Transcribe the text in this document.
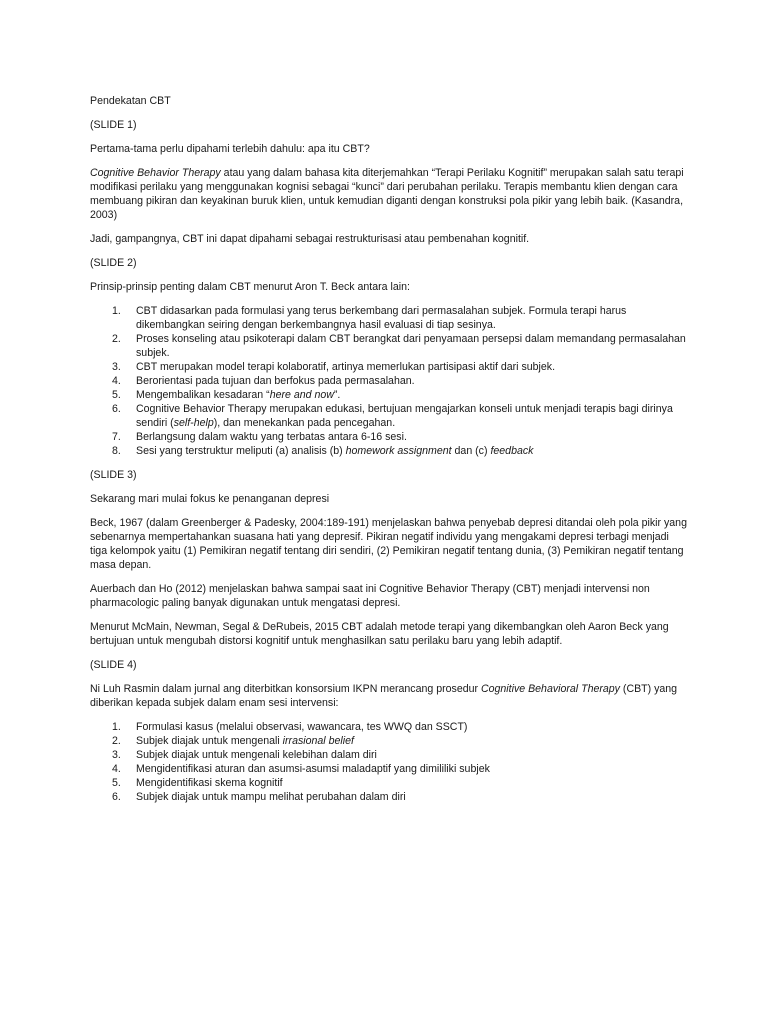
Pendekatan CBT

(SLIDE 1)

Pertama-tama perlu dipahami terlebih dahulu: apa itu CBT?

Cognitive Behavior Therapy atau yang dalam bahasa kita diterjemahkan “Terapi Perilaku Kognitif” merupakan salah satu terapi modifikasi perilaku yang menggunakan kognisi sebagai “kunci” dari perubahan perilaku. Terapis membantu klien dengan cara membuang pikiran dan keyakinan buruk klien, untuk kemudian diganti dengan konstruksi pola pikir yang lebih baik. (Kasandra, 2003)

Jadi, gampangnya, CBT ini dapat dipahami sebagai restrukturisasi atau pembenahan kognitif.

(SLIDE 2)

Prinsip-prinsip penting dalam CBT menurut Aron T. Beck antara lain:

1. CBT didasarkan pada formulasi yang terus berkembang dari permasalahan subjek. Formula terapi harus dikembangkan seiring dengan berkembangnya hasil evaluasi di tiap sesinya.
2. Proses konseling atau psikoterapi dalam CBT berangkat dari penyamaan persepsi dalam memandang permasalahan subjek.
3. CBT merupakan model terapi kolaboratif, artinya memerlukan partisipasi aktif dari subjek.
4. Berorientasi pada tujuan dan berfokus pada permasalahan.
5. Mengembalikan kesadaran “here and now”.
6. Cognitive Behavior Therapy merupakan edukasi, bertujuan mengajarkan konseli untuk menjadi terapis bagi dirinya sendiri (self-help), dan menekankan pada pencegahan.
7. Berlangsung dalam waktu yang terbatas antara 6-16 sesi.
8. Sesi yang terstruktur meliputi (a) analisis (b) homework assignment dan (c) feedback

(SLIDE 3)

Sekarang mari mulai fokus ke penanganan depresi

Beck, 1967 (dalam Greenberger & Padesky, 2004:189-191) menjelaskan bahwa penyebab depresi ditandai oleh pola pikir yang sebenarnya mempertahankan suasana hati yang depresif. Pikiran negatif individu yang mengakami depresi terbagi menjadi tiga kelompok yaitu (1) Pemikiran negatif tentang diri sendiri, (2) Pemikiran negatif tentang dunia, (3) Pemikiran negatif tentang masa depan.

Auerbach dan Ho (2012) menjelaskan bahwa sampai saat ini Cognitive Behavior Therapy (CBT) menjadi intervensi non pharmacologic paling banyak digunakan untuk mengatasi depresi.

Menurut McMain, Newman, Segal & DeRubeis, 2015 CBT adalah metode terapi yang dikembangkan oleh Aaron Beck yang bertujuan untuk mengubah distorsi kognitif untuk menghasilkan satu perilaku baru yang lebih adaptif.

(SLIDE 4)

Ni Luh Rasmin dalam jurnal ang diterbitkan konsorsium IKPN merancang prosedur Cognitive Behavioral Therapy (CBT) yang diberikan kepada subjek dalam enam sesi intervensi:

1. Formulasi kasus (melalui observasi, wawancara, tes WWQ dan SSCT)
2. Subjek diajak untuk mengenali irrasional belief
3. Subjek diajak untuk mengenali kelebihan dalam diri
4. Mengidentifikasi aturan dan asumsi-asumsi maladaptif yang dimililiki subjek
5. Mengidentifikasi skema kognitif
6. Subjek diajak untuk mampu melihat perubahan dalam diri
